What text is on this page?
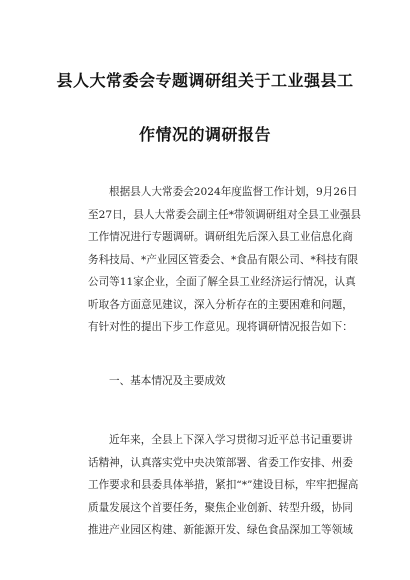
县人大常委会专题调研组关于工业强县工
作情况的调研报告
根据县人大常委会2024年度监督工作计划，9月26日
至27日，县人大常委会副主任*带领调研组对全县工业强县
工作情况进行专题调研。调研组先后深入县工业信息化商
务科技局、*产业园区管委会、*食品有限公司、*科技有限
公司等11家企业，全面了解全县工业经济运行情况，认真
听取各方面意见建议，深入分析存在的主要困难和问题，
有针对性的提出下步工作意见。现将调研情况报告如下：
一、基本情况及主要成效
近年来，全县上下深入学习贯彻习近平总书记重要讲
话精神，认真落实党中央决策部署、省委工作安排、州委
工作要求和县委具体举措，紧扣“*”建设目标，牢牢把握高
质量发展这个首要任务，聚焦企业创新、转型升级，协同
推进产业园区构建、新能源开发、绿色食品深加工等领域
